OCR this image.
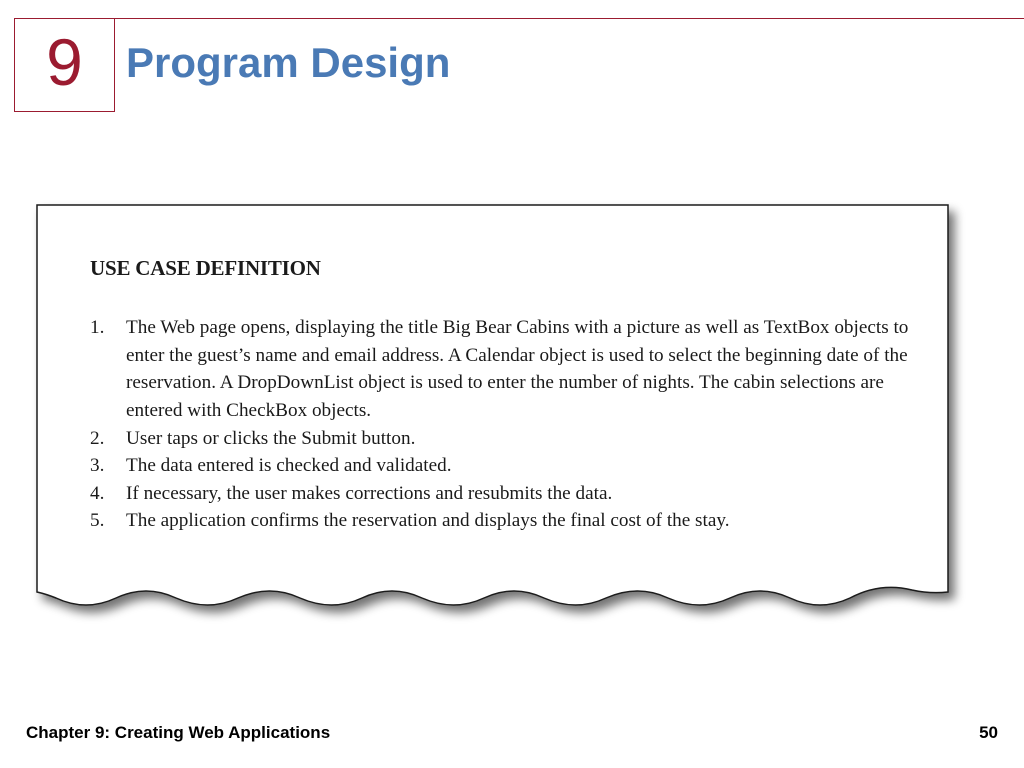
9 Program Design
USE CASE DEFINITION
1.	The Web page opens, displaying the title Big Bear Cabins with a picture as well as TextBox objects to enter the guest’s name and email address. A Calendar object is used to select the beginning date of the reservation. A DropDownList object is used to enter the number of nights. The cabin selections are entered with CheckBox objects.
2.	User taps or clicks the Submit button.
3.	The data entered is checked and validated.
4.	If necessary, the user makes corrections and resubmits the data.
5.	The application confirms the reservation and displays the final cost of the stay.
Chapter 9: Creating Web Applications	50
